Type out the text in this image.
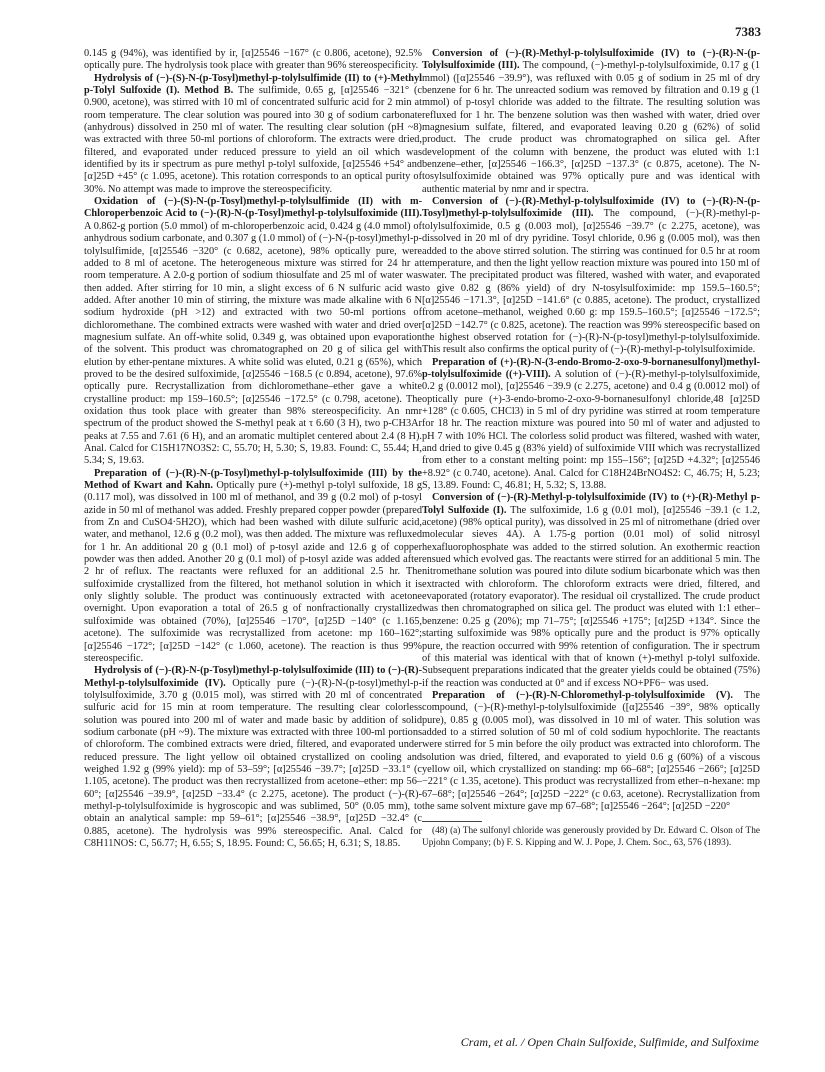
7383

0.145 g (94%), was identified by ir, [α]25546 −167° (c 0.806, acetone), 92.5% optically pure. The hydrolysis took place with greater than 96% stereospecificity.

Hydrolysis of (−)-(S)-N-(p-Tosyl)methyl-p-tolylsulfimide (II) to (+)-Methyl p-Tolyl Sulfoxide (I). Method B. The sulfimide, 0.65 g, [α]25546 −321° (c 0.900, acetone), was stirred with 10 ml of concentrated sulfuric acid for 2 min at room temperature. The clear solution was poured into 30 g of sodium carbonate (anhydrous) dissolved in 250 ml of water. The resulting clear solution (pH ~8) was extracted with three 50-ml portions of chloroform. The extracts were dried, filtered, and evaporated under reduced pressure to yield an oil which was identified by its ir spectrum as pure methyl p-tolyl sulfoxide, [α]25546 +54° and [α]25D +45° (c 1.095, acetone). This rotation corresponds to an optical purity of 30%. No attempt was made to improve the stereospecificity.

Oxidation of (−)-(S)-N-(p-Tosyl)methyl-p-tolylsulfimide (II) with m-Chloroperbenzoic Acid to (−)-(R)-N-(p-Tosyl)methyl-p-tolylsulfoximide (III). A 0.862-g portion (5.0 mmol) of m-chloroperbenzoic acid, 0.424 g (4.0 mmol) of anhydrous sodium carbonate, and 0.307 g (1.0 mmol) of (−)-N-(p-tosyl)methyl-p-tolylsulfimide, [α]25546 −320° (c 0.682, acetone), 98% optically pure, were added to 8 ml of acetone. The heterogeneous mixture was stirred for 24 hr at room temperature. A 2.0-g portion of sodium thiosulfate and 25 ml of water was then added. After stirring for 10 min, a slight excess of 6 N sulfuric acid was added. After another 10 min of stirring, the mixture was made alkaline with 6 N sodium hydroxide (pH >12) and extracted with two 50-ml portions of dichloromethane. The combined extracts were washed with water and dried over magnesium sulfate. An off-white solid, 0.349 g, was obtained upon evaporation of the solvent. This product was chromatographed on 20 g of silica gel with elution by ether-pentane mixtures. A white solid was eluted, 0.21 g (65%), which proved to be the desired sulfoximide, [α]25546 −168.5 (c 0.894, acetone), 97.6% optically pure. Recrystallization from dichloromethane–ether gave a white crystalline product: mp 159–160.5°; [α]25546 −172.5° (c 0.798, acetone). The oxidation thus took place with greater than 98% stereospecificity. An nmr spectrum of the product showed the S-methyl peak at τ 6.60 (3 H), two p-CH3Ar peaks at 7.55 and 7.61 (6 H), and an aromatic multiplet centered about 2.4 (8 H). Anal. Calcd for C15H17NO3S2: C, 55.70; H, 5.30; S, 19.83. Found: C, 55.44; H, 5.34; S, 19.63.

Preparation of (−)-(R)-N-(p-Tosyl)methyl-p-tolylsulfoximide (III) by the Method of Kwart and Kahn. Optically pure (+)-methyl p-tolyl sulfoxide, 18 g (0.117 mol), was dissolved in 100 ml of methanol, and 39 g (0.2 mol) of p-tosyl azide in 50 ml of methanol was added. Freshly prepared copper powder (prepared from Zn and CuSO4·5H2O), which had been washed with dilute sulfuric acid, water, and methanol, 12.6 g (0.2 mol), was then added. The mixture was refluxed for 1 hr. An additional 20 g (0.1 mol) of p-tosyl azide and 12.6 g of copper powder was then added. Another 20 g (0.1 mol) of p-tosyl azide was added after 2 hr of reflux. The reactants were refluxed for an additional 2.5 hr. The sulfoximide crystallized from the filtered, hot methanol solution in which it is only slightly soluble. The product was continuously extracted with acetone overnight. Upon evaporation a total of 26.5 g of nonfractionally crystallized sulfoximide was obtained (70%), [α]25546 −170°, [α]25D −140° (c 1.165, acetone). The sulfoximide was recrystallized from acetone: mp 160–162°; [α]25546 −172°; [α]25D −142° (c 1.060, acetone). The reaction is thus 99% stereospecific.

Hydrolysis of (−)-(R)-N-(p-Tosyl)methyl-p-tolylsulfoximide (III) to (−)-(R)-Methyl-p-tolylsulfoximide (IV). Optically pure (−)-(R)-N-(p-tosyl)methyl-p-tolylsulfoximide, 3.70 g (0.015 mol), was stirred with 20 ml of concentrated sulfuric acid for 15 min at room temperature. The resulting clear colorless solution was poured into 200 ml of water and made basic by addition of solid sodium carbonate (pH ~9). The mixture was extracted with three 100-ml portions of chloroform. The combined extracts were dried, filtered, and evaporated under reduced pressure. The light yellow oil obtained crystallized on cooling and weighed 1.92 g (99% yield): mp of 53–59°; [α]25546 −39.7°; [α]25D −33.1° (c 1.105, acetone). The product was then recrystallized from acetone–ether: mp 56–60°; [α]25546 −39.9°, [α]25D −33.4° (c 2.275, acetone). The product (−)-(R)-methyl-p-tolylsulfoximide is hygroscopic and was sublimed, 50° (0.05 mm), to obtain an analytical sample: mp 59–61°; [α]25546 −38.9°, [α]25D −32.4° (c 0.885, acetone). The hydrolysis was 99% stereospecific. Anal. Calcd for C8H11NOS: C, 56.77; H, 6.55; S, 18.95. Found: C, 56.65; H, 6.31; S, 18.85.

Conversion of (−)-(R)-Methyl-p-tolylsulfoximide (IV) to (−)-(R)-N-(p-Tolylsulfoximide (III). The compound, (−)-methyl-p-tolylsulfoximide, 0.17 g (1 mmol) ([α]25546 −39.9°), was refluxed with 0.05 g of sodium in 25 ml of dry benzene for 6 hr. The unreacted sodium was removed by filtration and 0.19 g (1 mmol) of p-tosyl chloride was added to the filtrate. The resulting solution was refluxed for 1 hr. The benzene solution was then washed with water, dried over magnesium sulfate, filtered, and evaporated leaving 0.20 g (62%) of solid product. The crude product was chromatographed on silica gel. After development of the column with benzene, the product was eluted with 1:1 benzene–ether, [α]25546 −166.3°, [α]25D −137.3° (c 0.875, acetone). The N-tosylsulfoximide obtained was 97% optically pure and was identical with authentic material by nmr and ir spectra.

Conversion of (−)-(R)-Methyl-p-tolylsulfoximide (IV) to (−)-(R)-N-(p-Tosyl)methyl-p-tolylsulfoximide (III). The compound, (−)-(R)-methyl-p-tolylsulfoximide, 0.5 g (0.003 mol), [α]25546 −39.7° (c 2.275, acetone), was dissolved in 20 ml of dry pyridine. Tosyl chloride, 0.96 g (0.005 mol), was then added to the above stirred solution. The stirring was continued for 0.5 hr at room temperature, and then the light yellow reaction mixture was poured into 150 ml of water. The precipitated product was filtered, washed with water, and evaporated to give 0.82 g (86% yield) of dry N-tosylsulfoximide: mp 159.5–160.5°; [α]25546 −171.3°, [α]25D −141.6° (c 0.885, acetone). The product, crystallized from acetone–methanol, weighed 0.60 g: mp 159.5–160.5°; [α]25546 −172.5°; [α]25D −142.7° (c 0.825, acetone). The reaction was 99% stereospecific based on the highest observed rotation for (−)-(R)-N-(p-tosyl)methyl-p-tolylsulfoximide. This result also confirms the optical purity of (−)-(R)-methyl-p-tolylsulfoximide.

Preparation of (+)-(R)-N-(3-endo-Bromo-2-oxo-9-bornanesulfonyl)methyl-p-tolylsulfoximide ((+)-VIII). A solution of (−)-(R)-methyl-p-tolylsulfoximide, 0.2 g (0.0012 mol), [α]25546 −39.9 (c 2.275, acetone) and 0.4 g (0.0012 mol) of optically pure (+)-3-endo-bromo-2-oxo-9-bornanesulfonyl chloride,48 [α]25D +128° (c 0.605, CHCl3) in 5 ml of dry pyridine was stirred at room temperature for 18 hr. The reaction mixture was poured into 50 ml of water and adjusted to pH 7 with 10% HCl. The colorless solid product was filtered, washed with water, and dried to give 0.45 g (83% yield) of sulfoximide VIII which was recrystallized from ether to a constant melting point: mp 155–156°; [α]25D +4.32°; [α]25546 +8.92° (c 0.740, acetone). Anal. Calcd for C18H24BrNO4S2: C, 46.75; H, 5.23; S, 13.89. Found: C, 46.81; H, 5.32; S, 13.88.

Conversion of (−)-(R)-Methyl-p-tolylsulfoximide (IV) to (+)-(R)-Methyl p-Tolyl Sulfoxide (I). The sulfoximide, 1.6 g (0.01 mol), [α]25546 −39.1 (c 1.2, acetone) (98% optical purity), was dissolved in 25 ml of nitromethane (dried over molecular sieves 4A). A 1.75-g portion (0.01 mol) of solid nitrosyl hexafluorophosphate was added to the stirred solution. An exothermic reaction ensued which evolved gas. The reactants were stirred for an additional 5 min. The nitromethane solution was poured into dilute sodium bicarbonate which was then extracted with chloroform. The chloroform extracts were dried, filtered, and evaporated (rotatory evaporator). The residual oil crystallized. The crude product was then chromatographed on silica gel. The product was eluted with 1:1 ether–benzene: 0.25 g (20%); mp 71–75°; [α]25546 +175°; [α]25D +134°. Since the starting sulfoximide was 98% optically pure and the product is 97% optically pure, the reaction occurred with 99% retention of configuration. The ir spectrum of this material was identical with that of known (+)-methyl p-tolyl sulfoxide. Subsequent preparations indicated that the greater yields could be obtained (75%) if the reaction was conducted at 0° and if excess NO+PF6− was used.

Preparation of (−)-(R)-N-Chloromethyl-p-tolylsulfoximide (V). The compound, (−)-(R)-methyl-p-tolylsulfoximide ([α]25546 −39°, 98% optically pure), 0.85 g (0.005 mol), was dissolved in 10 ml of water. This solution was added to a stirred solution of 50 ml of cold sodium hypochlorite. The reactants were stirred for 5 min before the oily product was extracted into chloroform. The solution was dried, filtered, and evaporated to yield 0.6 g (60%) of a viscous yellow oil, which crystallized on standing: mp 66–68°; [α]25546 −266°; [α]25D −221° (c 1.35, acetone). This product was recrystallized from ether–n-hexane: mp 67–68°; [α]25546 −264°; [α]25D −222° (c 0.63, acetone). Recrystallization from the same solvent mixture gave mp 67–68°; [α]25546 −264°; [α]25D −220°

(48) (a) The sulfonyl chloride was generously provided by Dr. Edward C. Olson of The Upjohn Company; (b) F. S. Kipping and W. J. Pope, J. Chem. Soc., 63, 576 (1893).

Cram, et al. / Open Chain Sulfoxide, Sulfimide, and Sulfoxime
